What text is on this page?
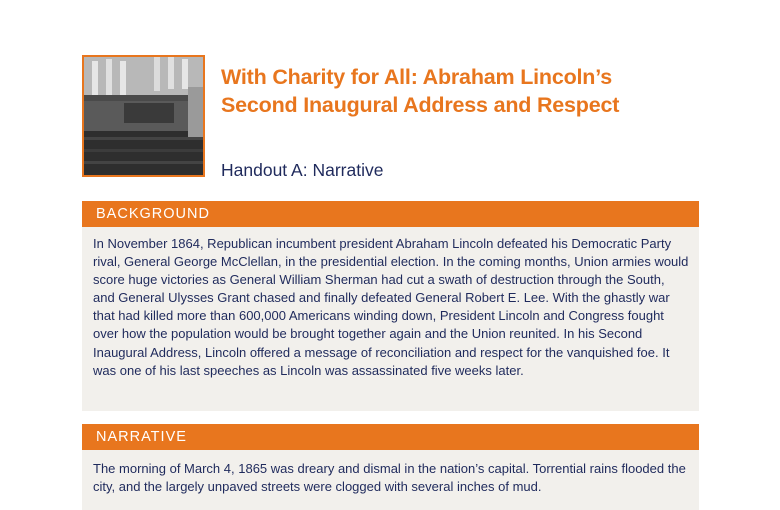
With Charity for All: Abraham Lincoln’s
Second Inaugural Address and Respect
Handout A: Narrative
BACKGROUND

In November 1864, Republican incumbent president Abraham Lincoln defeated his Democratic Party rival, General George McClellan, in the presidential election. In the coming months, Union armies would score huge victories as General William Sherman had cut a swath of destruction through the South, and General Ulysses Grant chased and finally defeated General Robert E. Lee. With the ghastly war that had killed more than 600,000 Americans winding down, President Lincoln and Congress fought over how the population would be brought together again and the Union reunited. In his Second Inaugural Address, Lincoln offered a message of reconciliation and respect for the vanquished foe. It was one of his last speeches as Lincoln was assassinated five weeks later.

NARRATIVE

The morning of March 4, 1865 was dreary and dismal in the nation’s capital. Torrential rains flooded the city, and the largely unpaved streets were clogged with several inches of mud.
